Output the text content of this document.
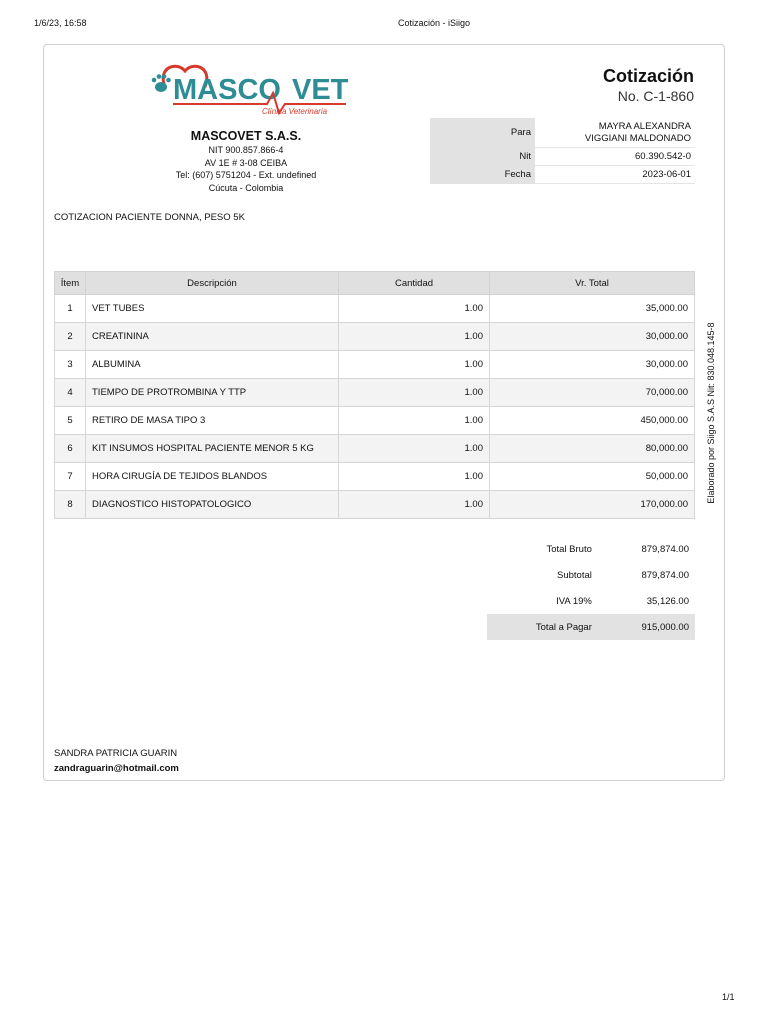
1/6/23, 16:58	Cotización - iSiigo
MASCO VET
Clínica Veterinaria
MASCOVET S.A.S.
NIT 900.857.866-4
AV 1E # 3-08 CEIBA
Tel: (607) 5751204 - Ext. undefined
Cúcuta - Colombia
Cotización
No. C-1-860
Para	MAYRA ALEXANDRA
VIGGIANI MALDONADO

Nit	60.390.542-0
Fecha	2023-06-01
COTIZACION PACIENTE DONNA, PESO 5K
Ítem	Descripción	Cantidad	Vr. Total
1	VET TUBES	1.00	35,000.00
2	CREATININA	1.00	30,000.00
3	ALBUMINA	1.00	30,000.00
4	TIEMPO DE PROTROMBINA Y TTP	1.00	70,000.00
5	RETIRO DE MASA TIPO 3	1.00	450,000.00
6	KIT INSUMOS HOSPITAL PACIENTE MENOR 5 KG	1.00	80,000.00
7	HORA CIRUGÍA DE TEJIDOS BLANDOS	1.00	50,000.00
8	DIAGNOSTICO HISTOPATOLOGICO	1.00	170,000.00
Total Bruto	879,874.00
Subtotal	879,874.00
IVA 19%	35,126.00
Total a Pagar	915,000.00
SANDRA PATRICIA GUARIN
zandraguarin@hotmail.com
Elaborado por Siigo S.A.S Nit: 830.048.145-8
1/1
